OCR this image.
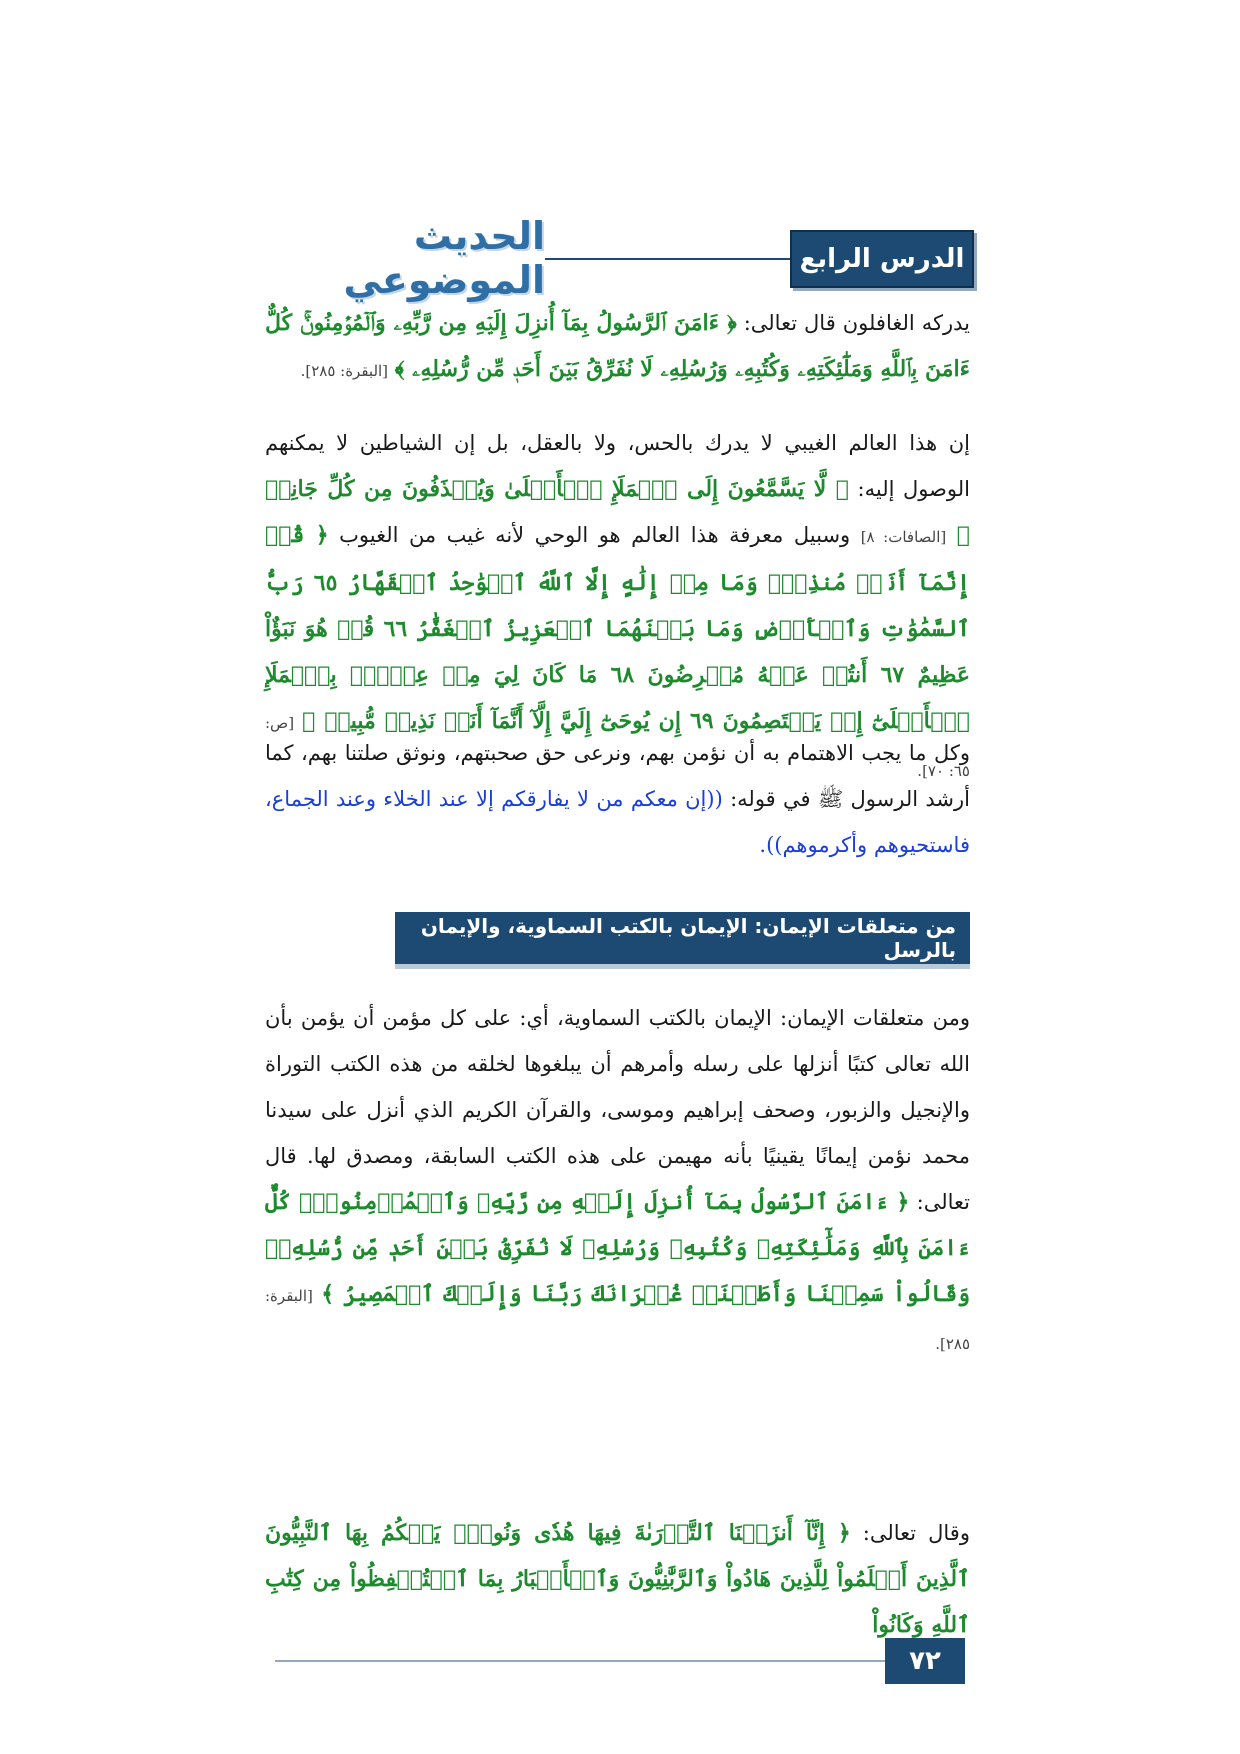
الدرس الرابع
الحديث الموضوعي

يدركه الغافلون قال تعالى: ﴿ ءَامَنَ ٱلرَّسُولُ بِمَآ أُنزِلَ إِلَيۡهِ مِن رَّبِّهِۦ وَٱلۡمُؤۡمِنُونَۚ كُلٌّ ءَامَنَ بِٱللَّهِ وَمَلَٰٓئِكَتِهِۦ وَكُتُبِهِۦ وَرُسُلِهِۦ لَا نُفَرِّقُ بَيۡنَ أَحَدٖ مِّن رُّسُلِهِۦ ﴾ [البقرة: ٢٨٥].

إن هذا العالم الغيبي لا يدرك بالحس، ولا بالعقل، بل إن الشياطين لا يمكنهم الوصول إليه: ﴿ لَّا يَسَّمَّعُونَ إِلَى ٱلۡمَلَإِ ٱلۡأَعۡلَىٰ وَيُقۡذَفُونَ مِن كُلِّ جَانِبٖ ﴾ [الصافات: ٨] وسبيل معرفة هذا العالم هو الوحي لأنه غيب من الغيوب ﴿ قُلۡ إِنَّمَآ أَنَا۠ مُنذِرٞۖ وَمَا مِنۡ إِلَٰهٍ إِلَّا ٱللَّهُ ٱلۡوَٰحِدُ ٱلۡقَهَّارُ ٦٥ رَبُّ ٱلسَّمَٰوَٰتِ وَٱلۡأَرۡضِ وَمَا بَيۡنَهُمَا ٱلۡعَزِيزُ ٱلۡغَفَّٰرُ ٦٦ قُلۡ هُوَ نَبَؤٌاْ عَظِيمٌ ٦٧ أَنتُمۡ عَنۡهُ مُعۡرِضُونَ ٦٨ مَا كَانَ لِيَ مِنۡ عِلۡمِۭ بِٱلۡمَلَإِ ٱلۡأَعۡلَىٰٓ إِذۡ يَخۡتَصِمُونَ ٦٩ إِن يُوحَىٰٓ إِلَيَّ إِلَّآ أَنَّمَآ أَنَا۠ نَذِيرٞ مُّبِينٞ ﴾ [ص: ٦٥: ٧٠].

وكل ما يجب الاهتمام به أن نؤمن بهم، ونرعى حق صحبتهم، ونوثق صلتنا بهم، كما أرشد الرسول ﷺ في قوله: ((إن معكم من لا يفارقكم إلا عند الخلاء وعند الجماع، فاستحيوهم وأكرموهم)).

من متعلقات الإيمان: الإيمان بالكتب السماوية، والإيمان بالرسل

ومن متعلقات الإيمان: الإيمان بالكتب السماوية، أي: على كل مؤمن أن يؤمن بأن الله تعالى كتبًا أنزلها على رسله وأمرهم أن يبلغوها لخلقه من هذه الكتب التوراة والإنجيل والزبور، وصحف إبراهيم وموسى، والقرآن الكريم الذي أنزل على سيدنا محمد نؤمن إيمانًا يقينيًا بأنه مهيمن على هذه الكتب السابقة، ومصدق لها. قال تعالى: ﴿ ءَامَنَ ٱلرَّسُولُ بِمَآ أُنزِلَ إِلَيۡهِ مِن رَّبِّهِۦ وَٱلۡمُؤۡمِنُونَۚ كُلٌّ ءَامَنَ بِٱللَّهِ وَمَلَٰٓئِكَتِهِۦ وَكُتُبِهِۦ وَرُسُلِهِۦ لَا نُفَرِّقُ بَيۡنَ أَحَدٖ مِّن رُّسُلِهِۦۚ وَقَالُواْ سَمِعۡنَا وَأَطَعۡنَاۖ غُفۡرَانَكَ رَبَّنَا وَإِلَيۡكَ ٱلۡمَصِيرُ ﴾ [البقرة: ٢٨٥].

وقال تعالى: ﴿ إِنَّآ أَنزَلۡنَا ٱلتَّوۡرَىٰةَ فِيهَا هُدٗى وَنُورٞۚ يَحۡكُمُ بِهَا ٱلنَّبِيُّونَ ٱلَّذِينَ أَسۡلَمُواْ لِلَّذِينَ هَادُواْ وَٱلرَّبَّٰنِيُّونَ وَٱلۡأَحۡبَارُ بِمَا ٱسۡتُحۡفِظُواْ مِن كِتَٰبِ ٱللَّهِ وَكَانُواْ

٧٢
